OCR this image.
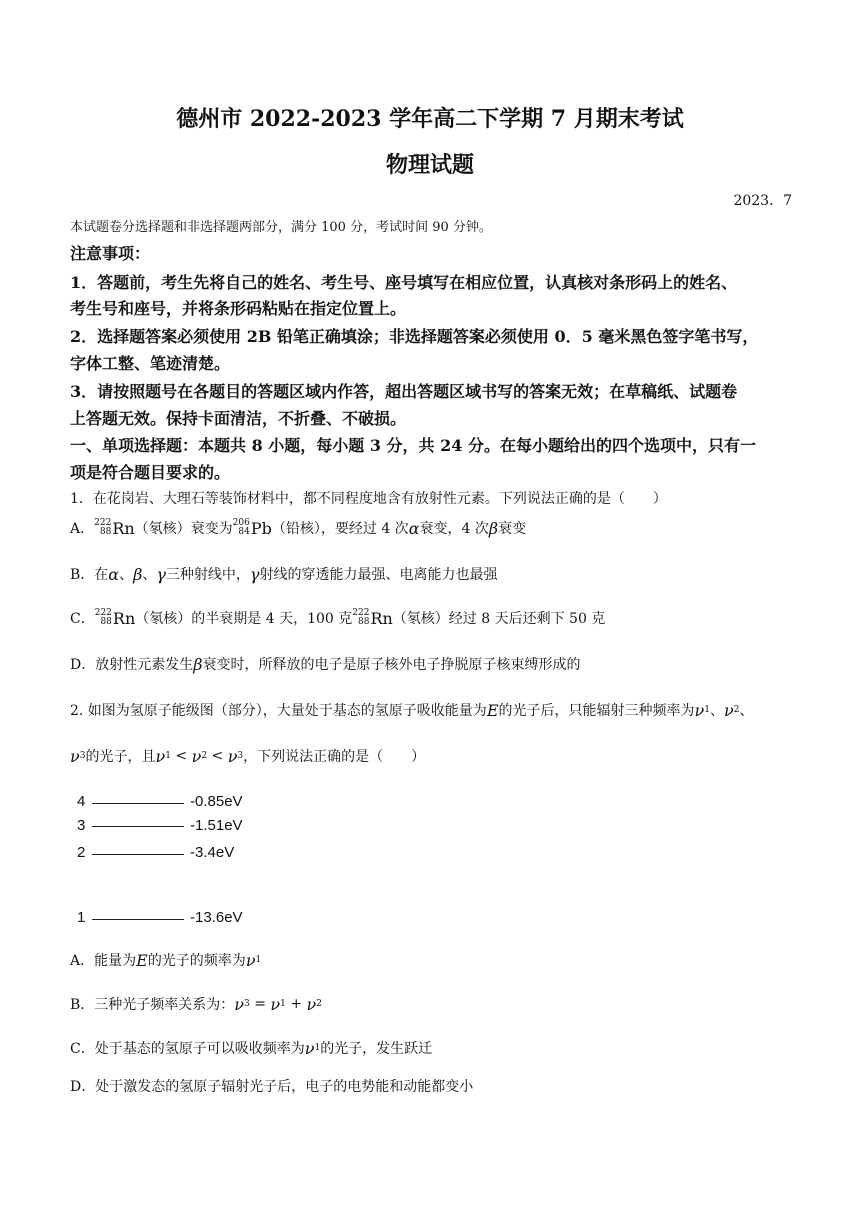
德州市 2022-2023 学年高二下学期 7 月期末考试
物理试题
2023．7
本试题卷分选择题和非选择题两部分，满分 100 分，考试时间 90 分钟。
注意事项：
1．答题前，考生先将自己的姓名、考生号、座号填写在相应位置，认真核对条形码上的姓名、
考生号和座号，并将条形码粘贴在指定位置上。
2．选择题答案必须使用 2B 铅笔正确填涂；非选择题答案必须使用 0．5 毫米黑色签字笔书写，
字体工整、笔迹清楚。
3．请按照题号在各题目的答题区域内作答，超出答题区域书写的答案无效；在草稿纸、试题卷
上答题无效。保持卡面清洁，不折叠、不破损。
一、单项选择题：本题共 8 小题，每小题 3 分，共 24 分。在每小题给出的四个选项中，只有一
项是符合题目要求的。
1．在花岗岩、大理石等装饰材料中，都不同程度地含有放射性元素。下列说法正确的是（　　）
A． 222
88 Rn （氡核）衰变为 206
84 Pb （铅核），要经过 4 次 α 衰变，4 次 β 衰变
B．在 α 、 β 、 γ 三种射线中， γ 射线的穿透能力最强、电离能力也最强
C． 222
88 Rn （氡核）的半衰期是 4 天，100 克 222
88 Rn （氡核）经过 8 天后还剩下 50 克
D．放射性元素发生 β 衰变时，所释放的电子是原子核外电子挣脱原子核束缚形成的
2. 如图为氢原子能级图（部分），大量处于基态的氢原子吸收能量为 E 的光子后，只能辐射三种频率为 ν 1 、 ν 2 、
ν 3 的光子，且 ν 1 < ν 2 < ν 3 ，下列说法正确的是（　　）
4	-0.85eV
3	-1.51eV
2	-3.4eV
1	-13.6eV
A．能量为 E 的光子的频率为 ν 1
B．三种光子频率关系为： ν 3 = ν 1 + ν 2
C．处于基态的氢原子可以吸收频率为 ν 1 的光子，发生跃迁
D．处于激发态的氢原子辐射光子后，电子的电势能和动能都变小
